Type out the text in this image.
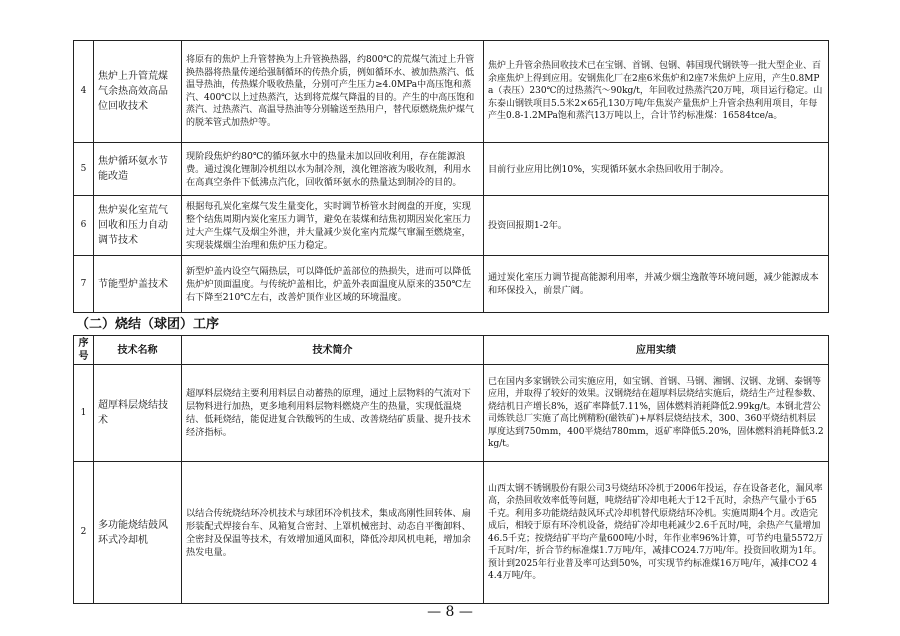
4	焦炉上升管荒煤气余热高效高品位回收技术	将原有的焦炉上升管替换为上升管换热器，约800℃的荒煤气流过上升管换热器将热量传递给强制循环的传热介质，例如循环水、被加热蒸汽、低温导热油，传热媒介吸收热量，分别可产生压力≥4.0MPa中高压饱和蒸汽、400℃以上过热蒸汽，达到将荒煤气降温的目的。产生的中高压饱和蒸汽、过热蒸汽、高温导热油等分别输送至热用户，替代原燃烧焦炉煤气的脱苯管式加热炉等。	焦炉上升管余热回收技术已在宝钢、首钢、包钢、韩国现代钢铁等一批大型企业、百余座焦炉上得到应用。安钢焦化厂在2座6米焦炉和2座7米焦炉上应用，产生0.8MPa（表压）230℃的过热蒸汽～90kg/t，年回收过热蒸汽20万吨，项目运行稳定。山东泰山钢铁项目5.5米2×65孔130万吨/年焦炭产量焦炉上升管余热利用项目，年每产生0.8-1.2MPa饱和蒸汽13万吨以上，合计节约标准煤：16584tce/a。
5	焦炉循环氨水节能改造	现阶段焦炉约80℃的循环氨水中的热量未加以回收利用，存在能源浪费。通过溴化锂制冷机组以水为制冷剂，溴化锂溶液为吸收剂，利用水在高真空条件下低沸点汽化，回收循环氨水的热量达到制冷的目的。	目前行业应用比例10%，实现循环氨水余热回收用于制冷。
6	焦炉炭化室荒气回收和压力自动调节技术	根据每孔炭化室煤气发生量变化，实时调节桥管水封阀盘的开度，实现整个结焦周期内炭化室压力调节，避免在装煤和结焦初期因炭化室压力过大产生煤气及烟尘外泄，并大量减少炭化室内荒煤气窜漏至燃烧室，实现装煤烟尘治理和焦炉压力稳定。	投资回报期1-2年。
7	节能型炉盖技术	新型炉盖内设空气隔热层，可以降低炉盖部位的热损失，进而可以降低焦炉炉顶面温度。与传统炉盖相比，炉盖外表面温度从原来的350℃左右下降至210℃左右，改善炉顶作业区域的环境温度。	通过炭化室压力调节提高能源利用率，并减少烟尘逸散等环境问题，减少能源成本和环保投入，前景广阔。
（二）烧结（球团）工序
序号	技术名称	技术简介	应用实绩
1	超厚料层烧结技术	超厚料层烧结主要利用料层自动蓄热的原理，通过上层物料的气流对下层物料进行加热，更多地利用料层物料燃烧产生的热量，实现低温烧结、低耗烧结，能促进复合铁酸钙的生成、改善烧结矿质量、提升技术经济指标。	已在国内多家钢铁公司实施应用，如宝钢、首钢、马钢、湘钢、汉钢、龙钢、泰钢等应用，并取得了较好的效果。汉钢烧结在超厚料层烧结实施后，烧结生产过程参数、烧结机日产增长8%，返矿率降低7.11%，固体燃料消耗降低2.99kg/t。本钢北营公司炼铁总厂实施了高比例精粉(磁铁矿)+厚料层烧结技术，300、360平烧结机料层厚度达到750mm，400平烧结780mm，返矿率降低5.20%，固体燃料消耗降低3.2kg/t。
2	多功能烧结鼓风环式冷却机	以结合传统烧结环冷机技术与球团环冷机技术，集成高刚性回转体、扇形装配式焊接台车、风箱复合密封、上罩机械密封、动态自平衡卸料、全密封及保温等技术，有效增加通风面积，降低冷却风机电耗，增加余热发电量。	山西太钢不锈钢股份有限公司3号烧结环冷机于2006年投运，存在设备老化，漏风率高，余热回收效率低等问题，吨烧结矿冷却电耗大于12千瓦时，余热产气量小于65千克。利用多功能烧结鼓风环式冷却机替代原烧结环冷机。实施周期4个月。改造完成后，相较于原有环冷机设备，烧结矿冷却电耗减少2.6千瓦时/吨，余热产气量增加46.5千克；按烧结矿平均产量600吨/小时，年作业率96%计算，可节约电量5572万千瓦时/年，折合节约标准煤1.7万吨/年，减排CO24.7万吨/年。投资回收期为1年。预计到2025年行业普及率可达到50%，可实现节约标准煤16万吨/年，减排CO2 44.4万吨/年。
— 8 —
